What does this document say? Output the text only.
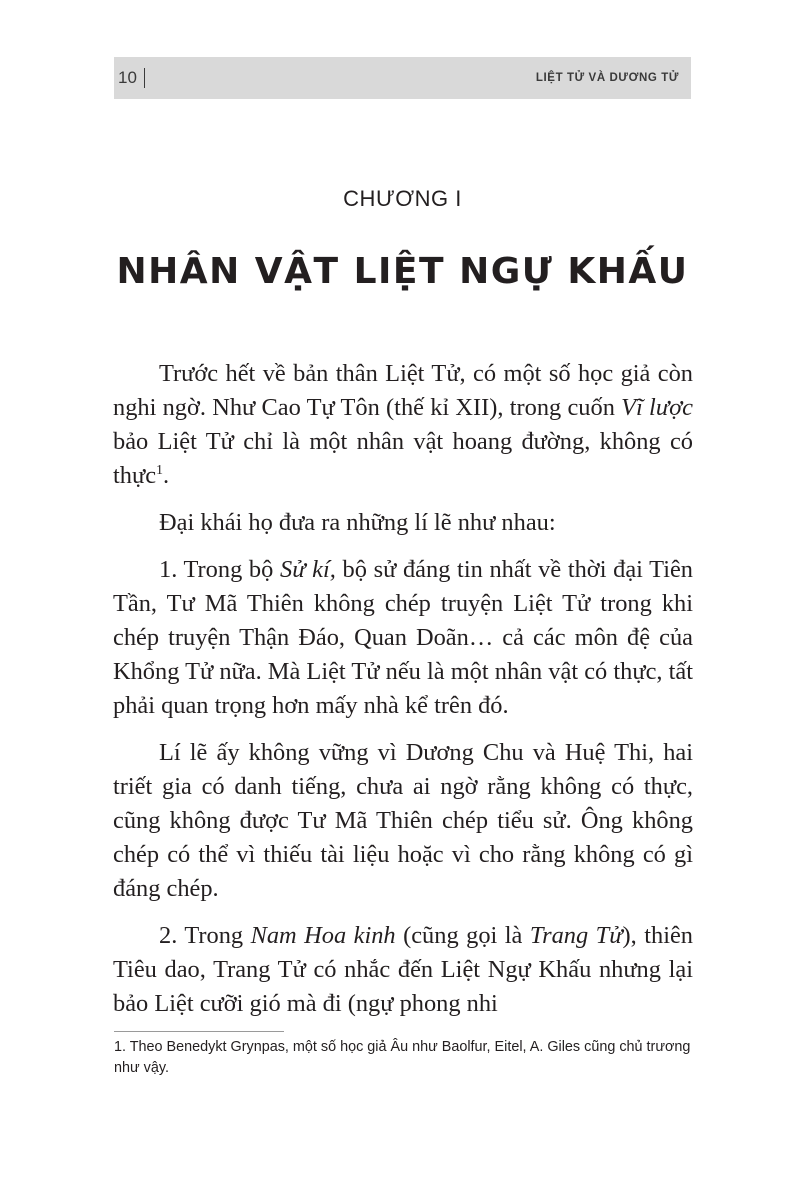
10	LIỆT TỬ VÀ DƯƠNG TỬ
CHƯƠNG I
NHÂN VẬT LIỆT NGỰ KHẤU

Trước hết về bản thân Liệt Tử, có một số học giả còn nghi ngờ. Như Cao Tự Tôn (thế kỉ XII), trong cuốn Vĩ lược bảo Liệt Tử chỉ là một nhân vật hoang đường, không có thực$^1$.

Đại khái họ đưa ra những lí lẽ như nhau:

1. Trong bộ Sử kí, bộ sử đáng tin nhất về thời đại Tiên Tần, Tư Mã Thiên không chép truyện Liệt Tử trong khi chép truyện Thận Đáo, Quan Doãn… cả các môn đệ của Khổng Tử nữa. Mà Liệt Tử nếu là một nhân vật có thực, tất phải quan trọng hơn mấy nhà kể trên đó.

Lí lẽ ấy không vững vì Dương Chu và Huệ Thi, hai triết gia có danh tiếng, chưa ai ngờ rằng không có thực, cũng không được Tư Mã Thiên chép tiểu sử. Ông không chép có thể vì thiếu tài liệu hoặc vì cho rằng không có gì đáng chép.

2. Trong Nam Hoa kinh (cũng gọi là Trang Tử), thiên Tiêu dao, Trang Tử có nhắc đến Liệt Ngự Khấu nhưng lại bảo Liệt cưỡi gió mà đi (ngự phong nhi

1. Theo Benedykt Grynpas, một số học giả Âu như Baolfur, Eitel, A. Giles cũng chủ trương như vậy.
